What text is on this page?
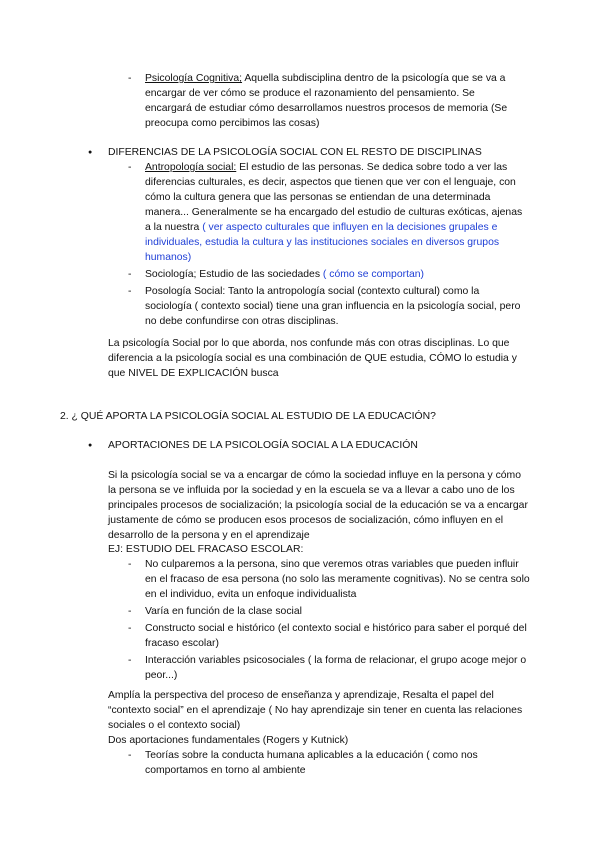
- Psicología Cognitiva; Aquella subdisciplina dentro de la psicología que se va a encargar de ver cómo se produce el razonamiento del pensamiento. Se encargará de estudiar cómo desarrollamos nuestros procesos de memoria (Se preocupa como percibimos las cosas)
● DIFERENCIAS DE LA PSICOLOGÍA SOCIAL CON EL RESTO DE DISCIPLINAS
- Antropología social: El estudio de las personas. Se dedica sobre todo a ver las diferencias culturales, es decir, aspectos que tienen que ver con el lenguaje, con cómo la cultura genera que las personas se entiendan de una determinada manera... Generalmente se ha encargado del estudio de culturas exóticas, ajenas a la nuestra ( ver aspecto culturales que influyen en la decisiones grupales e individuales, estudia la cultura y las instituciones sociales en diversos grupos humanos)
- Sociología; Estudio de las sociedades ( cómo se comportan)
- Posología Social: Tanto la antropología social (contexto cultural) como la sociología ( contexto social) tiene una gran influencia en la psicología social, pero no debe confundirse con otras disciplinas.

La psicología Social por lo que aborda, nos confunde más con otras disciplinas. Lo que diferencia a la psicología social es una combinación de QUE estudia, CÓMO lo estudia y que NIVEL DE EXPLICACIÓN busca

2. ¿ QUÉ APORTA LA PSICOLOGÍA SOCIAL AL ESTUDIO DE LA EDUCACIÓN?
● APORTACIONES DE LA PSICOLOGÍA SOCIAL A LA EDUCACIÓN

Si la psicología social se va a encargar de cómo la sociedad influye en la persona y cómo la persona se ve influida por la sociedad y en la escuela se va a llevar a cabo uno de los principales procesos de socialización; la psicología social de la educación se va a encargar justamente de cómo se producen esos procesos de socialización, cómo influyen en el desarrollo de la persona y en el aprendizaje

EJ: ESTUDIO DEL FRACASO ESCOLAR:
- No culparemos a la persona, sino que veremos otras variables que pueden influir en el fracaso de esa persona (no solo las meramente cognitivas). No se centra solo en el individuo, evita un enfoque individualista
- Varía en función de la clase social
- Constructo social e histórico (el contexto social e histórico para saber el porqué del fracaso escolar)
- Interacción variables psicosociales ( la forma de relacionar, el grupo acoge mejor o peor...)

Amplía la perspectiva del proceso de enseñanza y aprendizaje, Resalta el papel del “contexto social” en el aprendizaje ( No hay aprendizaje sin tener en cuenta las relaciones sociales o el contexto social)

Dos aportaciones fundamentales (Rogers y Kutnick)
- Teorías sobre la conducta humana aplicables a la educación ( como nos comportamos en torno al ambiente
